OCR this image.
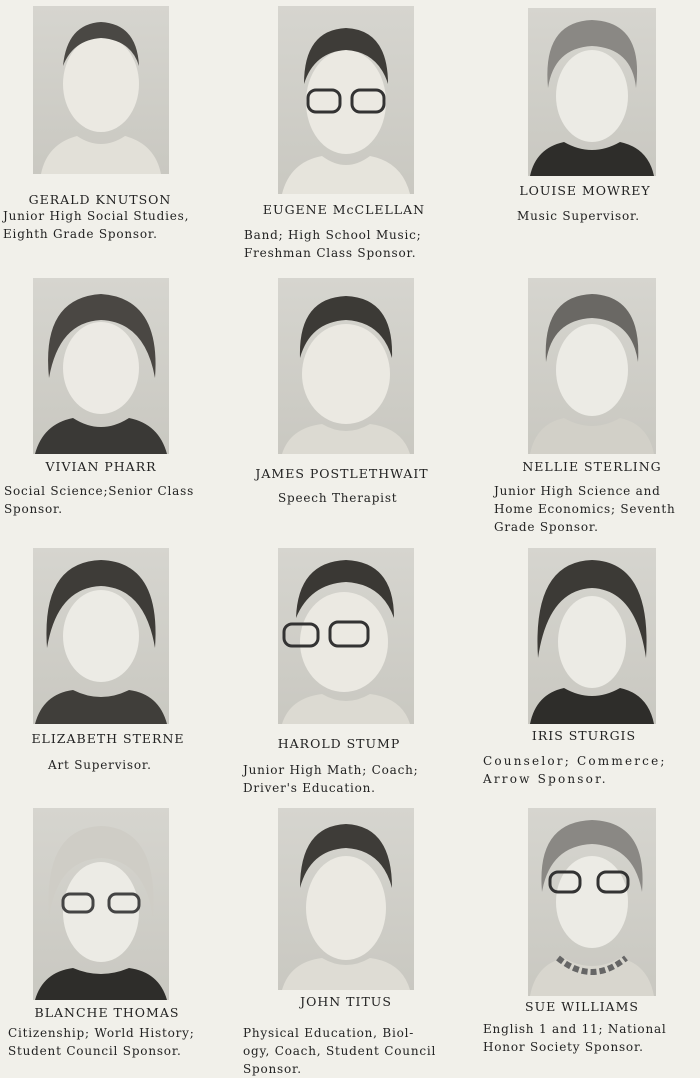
GERALD KNUTSON
Junior High Social Studies,
Eighth Grade Sponsor.
EUGENE McCLELLAN
Band; High School Music;
Freshman Class Sponsor.
LOUISE MOWREY
Music Supervisor.
VIVIAN PHARR
Social Science;Senior Class
Sponsor.
JAMES POSTLETHWAIT
Speech Therapist
NELLIE STERLING
Junior High Science and
Home Economics; Seventh
Grade Sponsor.
ELIZABETH STERNE
Art Supervisor.
HAROLD STUMP
Junior High Math; Coach;
Driver's Education.
IRIS STURGIS
Counselor; Commerce;
Arrow Sponsor.
BLANCHE THOMAS
Citizenship; World History;
Student Council Sponsor.
JOHN TITUS
Physical Education, Biol-
ogy, Coach, Student Council
Sponsor.
SUE WILLIAMS
English 1 and 11; National
Honor Society Sponsor.
